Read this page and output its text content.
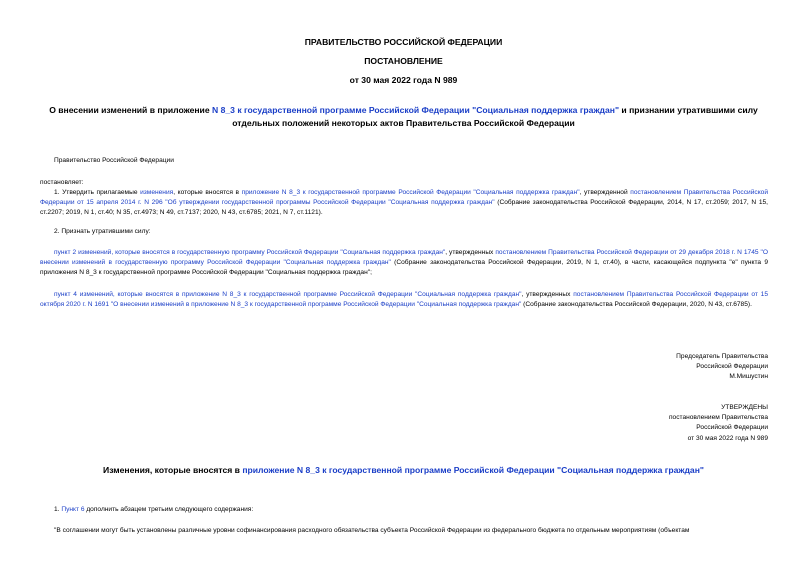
ПРАВИТЕЛЬСТВО РОССИЙСКОЙ ФЕДЕРАЦИИ
ПОСТАНОВЛЕНИЕ
от 30 мая 2022 года N 989
О внесении изменений в приложение N 8_3 к государственной программе Российской Федерации "Социальная поддержка граждан" и признании утратившими силу
отдельных положений некоторых актов Правительства Российской Федерации
Правительство Российской Федерации
постановляет:
1. Утвердить прилагаемые изменения, которые вносятся в приложение N 8_3 к государственной программе Российской Федерации "Социальная поддержка граждан", утвержденной постановлением Правительства Российской Федерации от 15 апреля 2014 г. N 296 "Об утверждении государственной программы Российской Федерации "Социальная поддержка граждан" (Собрание законодательства Российской Федерации, 2014, N 17, ст.2059; 2017, N 15, ст.2207; 2019, N 1, ст.40; N 35, ст.4973; N 49, ст.7137; 2020, N 43, ст.6785; 2021, N 7, ст.1121).
2. Признать утратившими силу:
пункт 2 изменений, которые вносятся в государственную программу Российской Федерации "Социальная поддержка граждан", утвержденных постановлением Правительства Российской Федерации от 29 декабря 2018 г. N 1745 "О внесении изменений в государственную программу Российской Федерации "Социальная поддержка граждан" (Собрание законодательства Российской Федерации, 2019, N 1, ст.40), в части, касающейся подпункта "е" пункта 9 приложения N 8_3 к государственной программе Российской Федерации "Социальная поддержка граждан";
пункт 4 изменений, которые вносятся в приложение N 8_3 к государственной программе Российской Федерации "Социальная поддержка граждан", утвержденных постановлением Правительства Российской Федерации от 15 октября 2020 г. N 1691 "О внесении изменений в приложение N 8_3 к государственной программе Российской Федерации "Социальная поддержка граждан" (Собрание законодательства Российской Федерации, 2020, N 43, ст.6785).
Председатель Правительства
Российской Федерации
М.Мишустин
УТВЕРЖДЕНЫ
постановлением Правительства
Российской Федерации
от 30 мая 2022 года N 989
Изменения, которые вносятся в приложение N 8_3 к государственной программе Российской Федерации "Социальная поддержка граждан"
1. Пункт 6 дополнить абзацем третьим следующего содержания:
"В соглашении могут быть установлены различные уровни софинансирования расходного обязательства субъекта Российской Федерации из федерального бюджета по отдельным мероприятиям (объектам
